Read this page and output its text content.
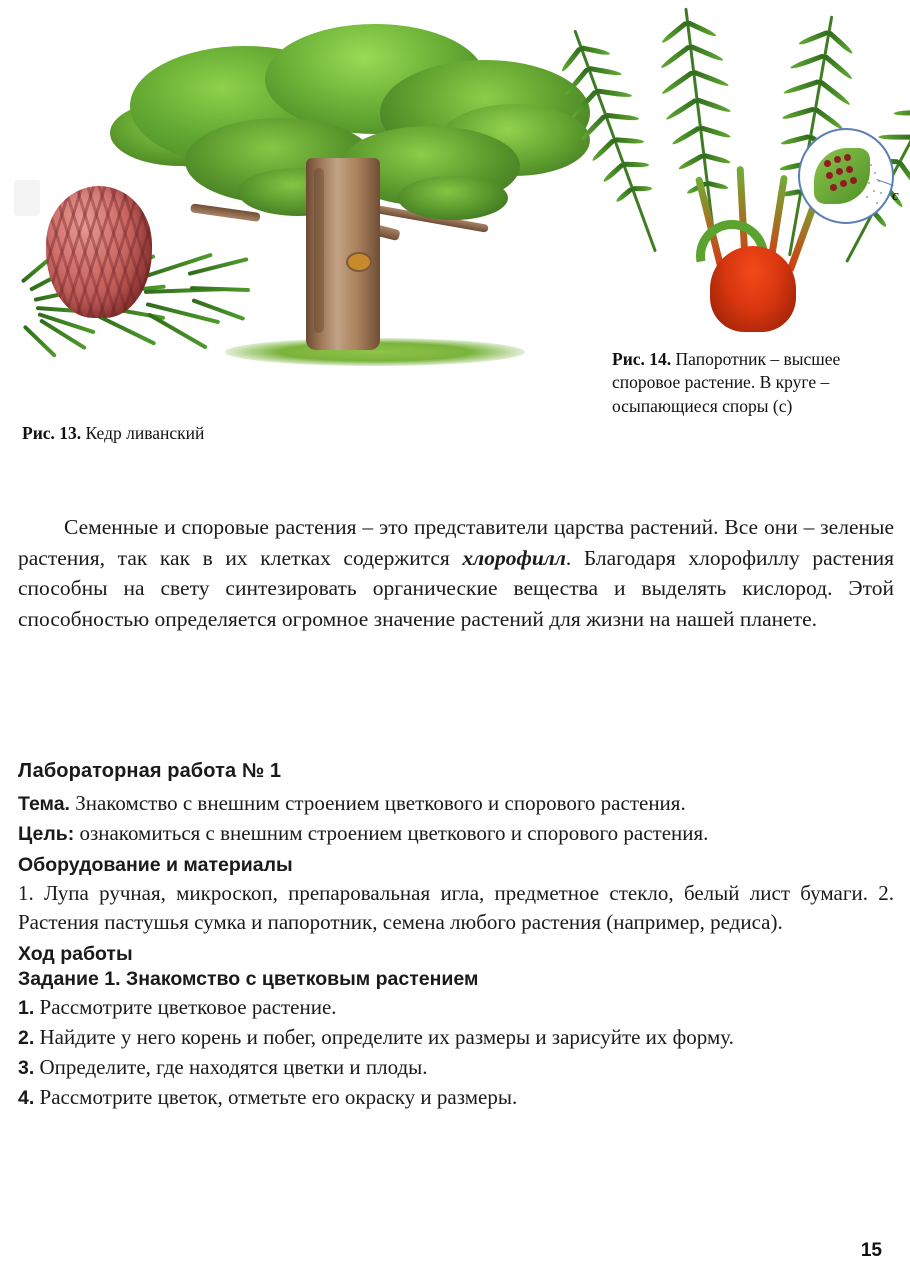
с
Рис. 13. Кедр ливанский
Рис. 14. Папоротник – высшее споровое растение. В круге – осыпающиеся споры (с)

Семенные и споровые растения – это представители царства растений. Все они – зеленые растения, так как в их клетках содержится хлорофилл. Благодаря хлорофиллу растения способны на свету синтезировать органические вещества и выделять кислород. Этой способностью определяется огромное значение растений для жизни на нашей планете.

Лабораторная работа № 1

Тема. Знакомство с внешним строением цветкового и спорового растения.

Цель: ознакомиться с внешним строением цветкового и спорового растения.

Оборудование и материалы

1. Лупа ручная, микроскоп, препаровальная игла, предметное стекло, белый лист бумаги. 2. Растения пастушья сумка и папоротник, семена любого растения (например, редиса).

Ход работы
Задание 1. Знакомство с цветковым растением

1. Рассмотрите цветковое растение.

2. Найдите у него корень и побег, определите их размеры и зарисуйте их форму.

3. Определите, где находятся цветки и плоды.

4. Рассмотрите цветок, отметьте его окраску и размеры.

15
